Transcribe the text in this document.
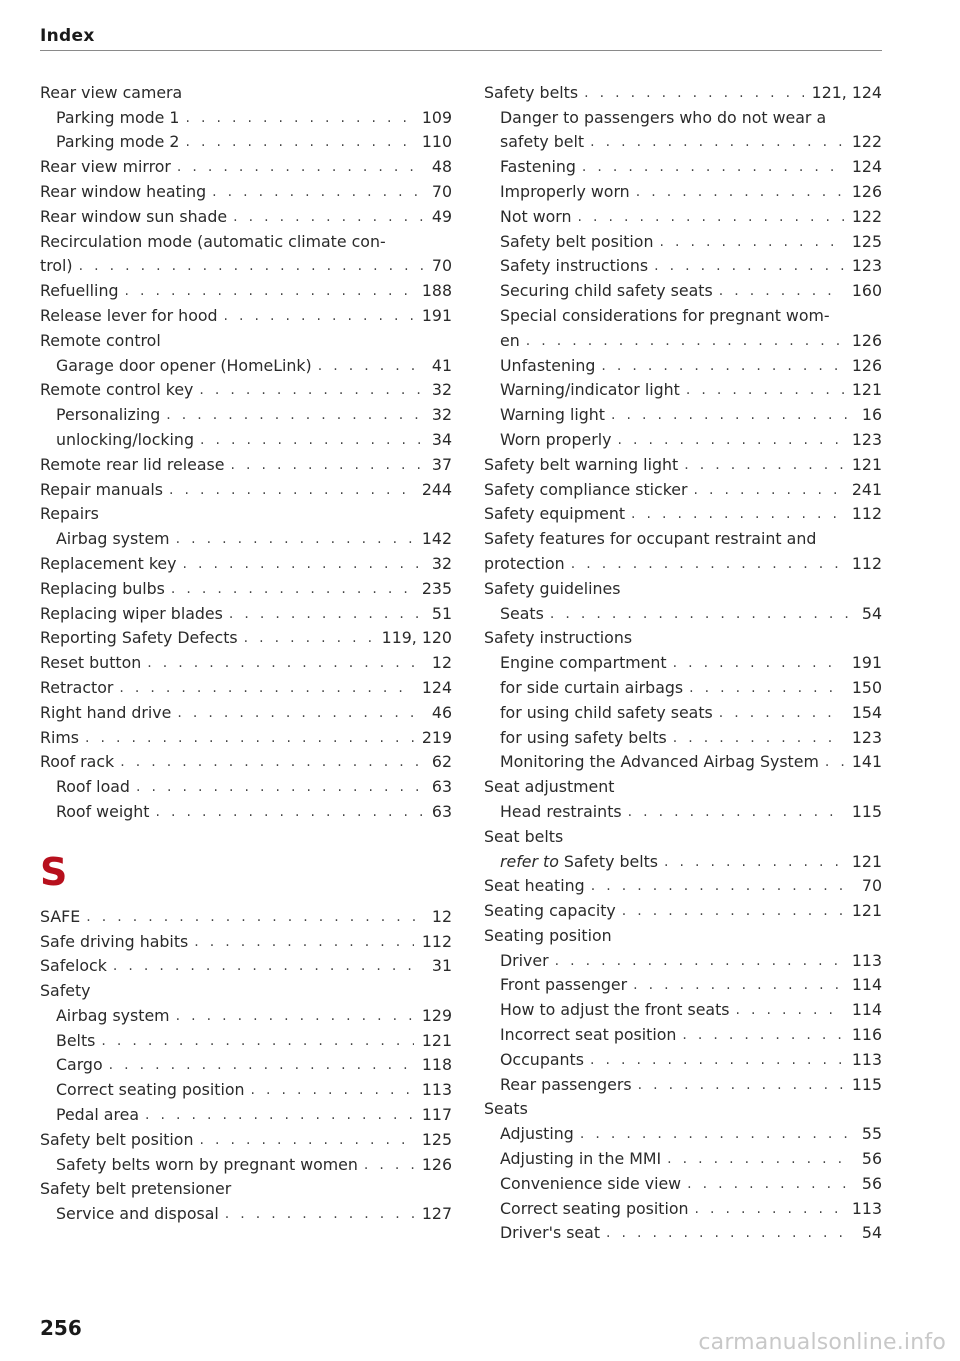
Index
Rear view camera
Parking mode 1 . . .	109
Parking mode 2 . . .	110
Rear view mirror . . .	48
Rear window heating . . .	70
Rear window sun shade . . .	49
Recirculation mode (automatic climate con-
trol) . . .	70
Refuelling . . .	188
Release lever for hood . . .	191
Remote control
Garage door opener (HomeLink) . . .	41
Remote control key . . .	32
Personalizing . . .	32
unlocking/locking . . .	34
Remote rear lid release . . .	37
Repair manuals . . .	244
Repairs
Airbag system . . .	142
Replacement key . . .	32
Replacing bulbs . . .	235
Replacing wiper blades . . .	51
Reporting Safety Defects . . .	119, 120
Reset button . . .	12
Retractor . . .	124
Right hand drive . . .	46
Rims . . .	219
Roof rack . . .	62
Roof load . . .	63
Roof weight . . .	63
S
SAFE . . .	12
Safe driving habits . . .	112
Safelock . . .	31
Safety
Airbag system . . .	129
Belts . . .	121
Cargo . . .	118
Correct seating position . . .	113
Pedal area . . .	117
Safety belt position . . .	125
Safety belts worn by pregnant women . . .	126
Safety belt pretensioner
Service and disposal . . .	127
Safety belts . . .	121, 124
Danger to passengers who do not wear a
safety belt . . .	122
Fastening . . .	124
Improperly worn . . .	126
Not worn . . .	122
Safety belt position . . .	125
Safety instructions . . .	123
Securing child safety seats . . .	160
Special considerations for pregnant wom-
en . . .	126
Unfastening . . .	126
Warning/indicator light . . .	121
Warning light . . .	16
Worn properly . . .	123
Safety belt warning light . . .	121
Safety compliance sticker . . .	241
Safety equipment . . .	112
Safety features for occupant restraint and
protection . . .	112
Safety guidelines
Seats . . .	54
Safety instructions
Engine compartment . . .	191
for side curtain airbags . . .	150
for using child safety seats . . .	154
for using safety belts . . .	123
Monitoring the Advanced Airbag System . . . 141
Seat adjustment
Head restraints . . .	115
Seat belts
refer to Safety belts . . .	121
Seat heating . . .	70
Seating capacity . . .	121
Seating position
Driver . . .	113
Front passenger . . .	114
How to adjust the front seats . . .	114
Incorrect seat position . . .	116
Occupants . . .	113
Rear passengers . . .	115
Seats
Adjusting . . .	55
Adjusting in the MMI . . .	56
Convenience side view . . .	56
Correct seating position . . .	113
Driver's seat . . .	54
256
carmanualsonline.info
